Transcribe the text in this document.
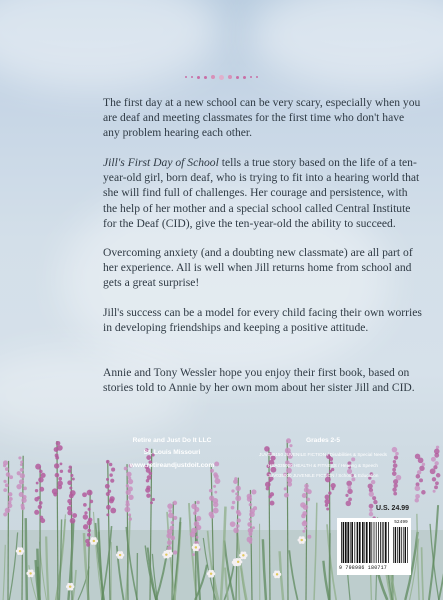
The first day at a new school can be very scary, especially when you are deaf and meeting classmates for the first time who don't have any problem hearing each other.

Jill's First Day of School tells a true story based on the life of a ten-year-old girl, born deaf, who is trying to fit into a hearing world that she will find full of challenges. Her courage and persistence, with the help of her mother and a special school called Central Institute for the Deaf (CID), give the ten-year-old the ability to succeed.

Overcoming anxiety (and a doubting new classmate) are all part of her experience. All is well when Jill returns home from school and gets a great surprise!

Jill's success can be a model for every child facing their own worries in developing friendships and keeping a positive attitude.

Annie and Tony Wessler hope you enjoy their first book, based on stories told to Annie by her own mom about her sister Jill and CID.

Retire and Just Do It LLC
St. Louis Missouri
www.retireandjustdoit.com
Grades 2-5
JUV039150 JUVENILE FICTION / Disabilities & Special Needs
HEA035000 HEALTH & FITNESS / Hearing & Speech
JUV035000 JUVENILE FICTION / School & Education
U.S. 24.99
9 798986 180717
52499
